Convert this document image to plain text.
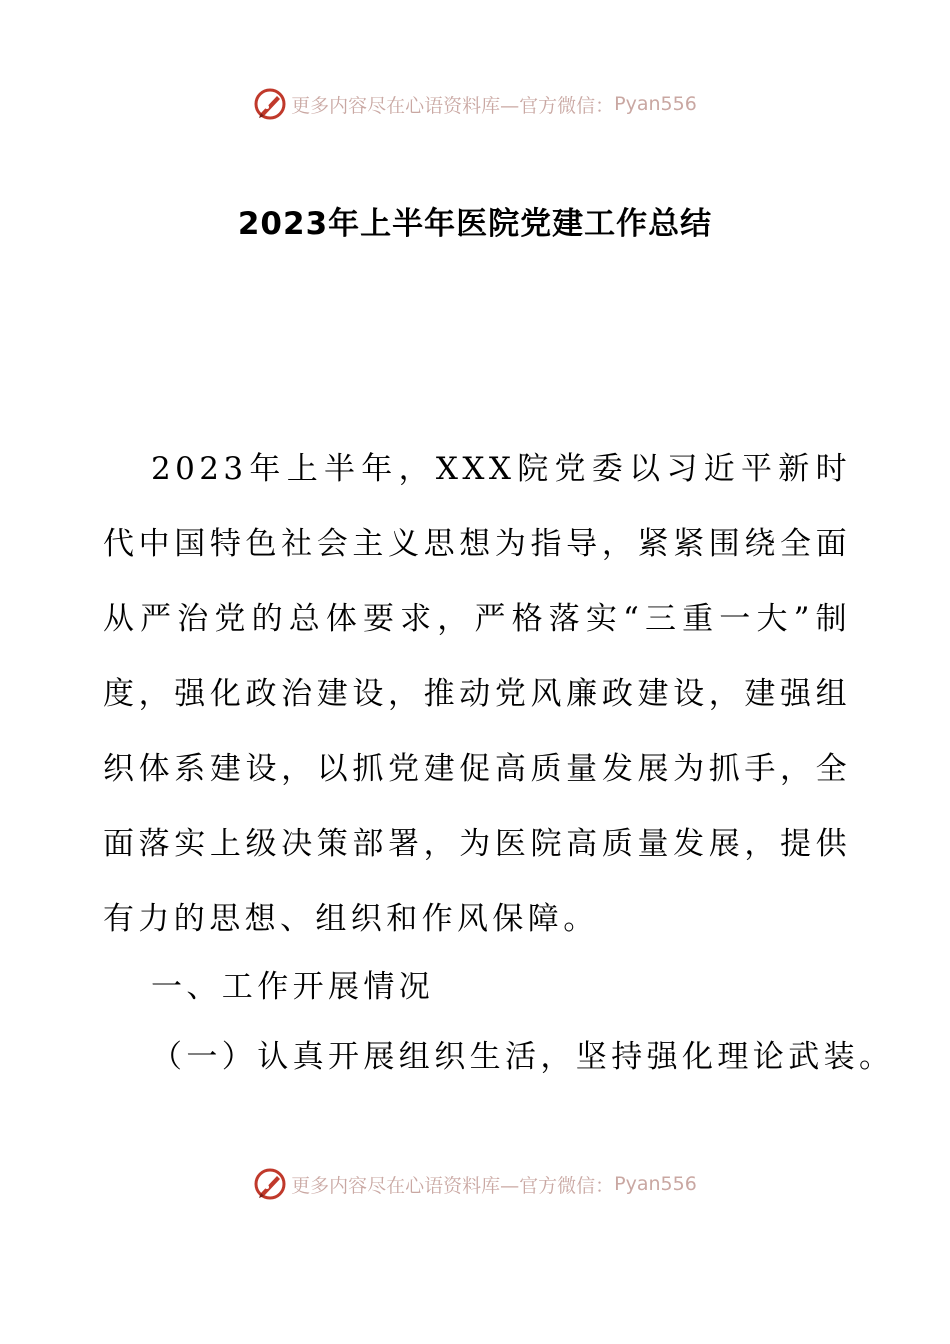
更多内容尽在心语资料库—官方微信： Pyan556
2023年上半年医院党建工作总结
2023年上半年，XXX院党委以习近平新时代中国特色社会主义思想为指导，紧紧围绕全面从严治党的总体要求，严格落实“三重一大”制度，强化政治建设，推动党风廉政建设，建强组织体系建设，以抓党建促高质量发展为抓手，全面落实上级决策部署，为医院高质量发展，提供有力的思想、组织和作风保障。
一、工作开展情况
（一）认真开展组织生活，坚持强化理论武装。
更多内容尽在心语资料库—官方微信： Pyan556
